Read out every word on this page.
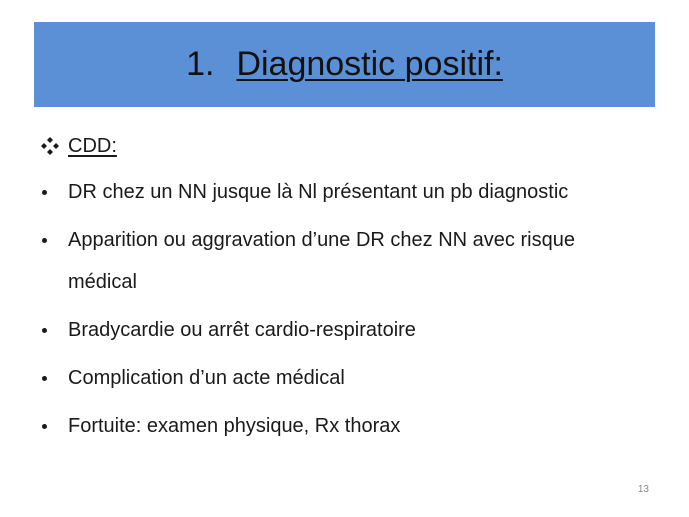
1. Diagnostic positif:
CDD:
DR chez un NN jusque là Nl présentant un pb diagnostic
Apparition ou aggravation d’une DR chez NN avec risque
médical
Bradycardie ou arrêt cardio-respiratoire
Complication d’un acte médical
Fortuite: examen physique, Rx thorax
13
